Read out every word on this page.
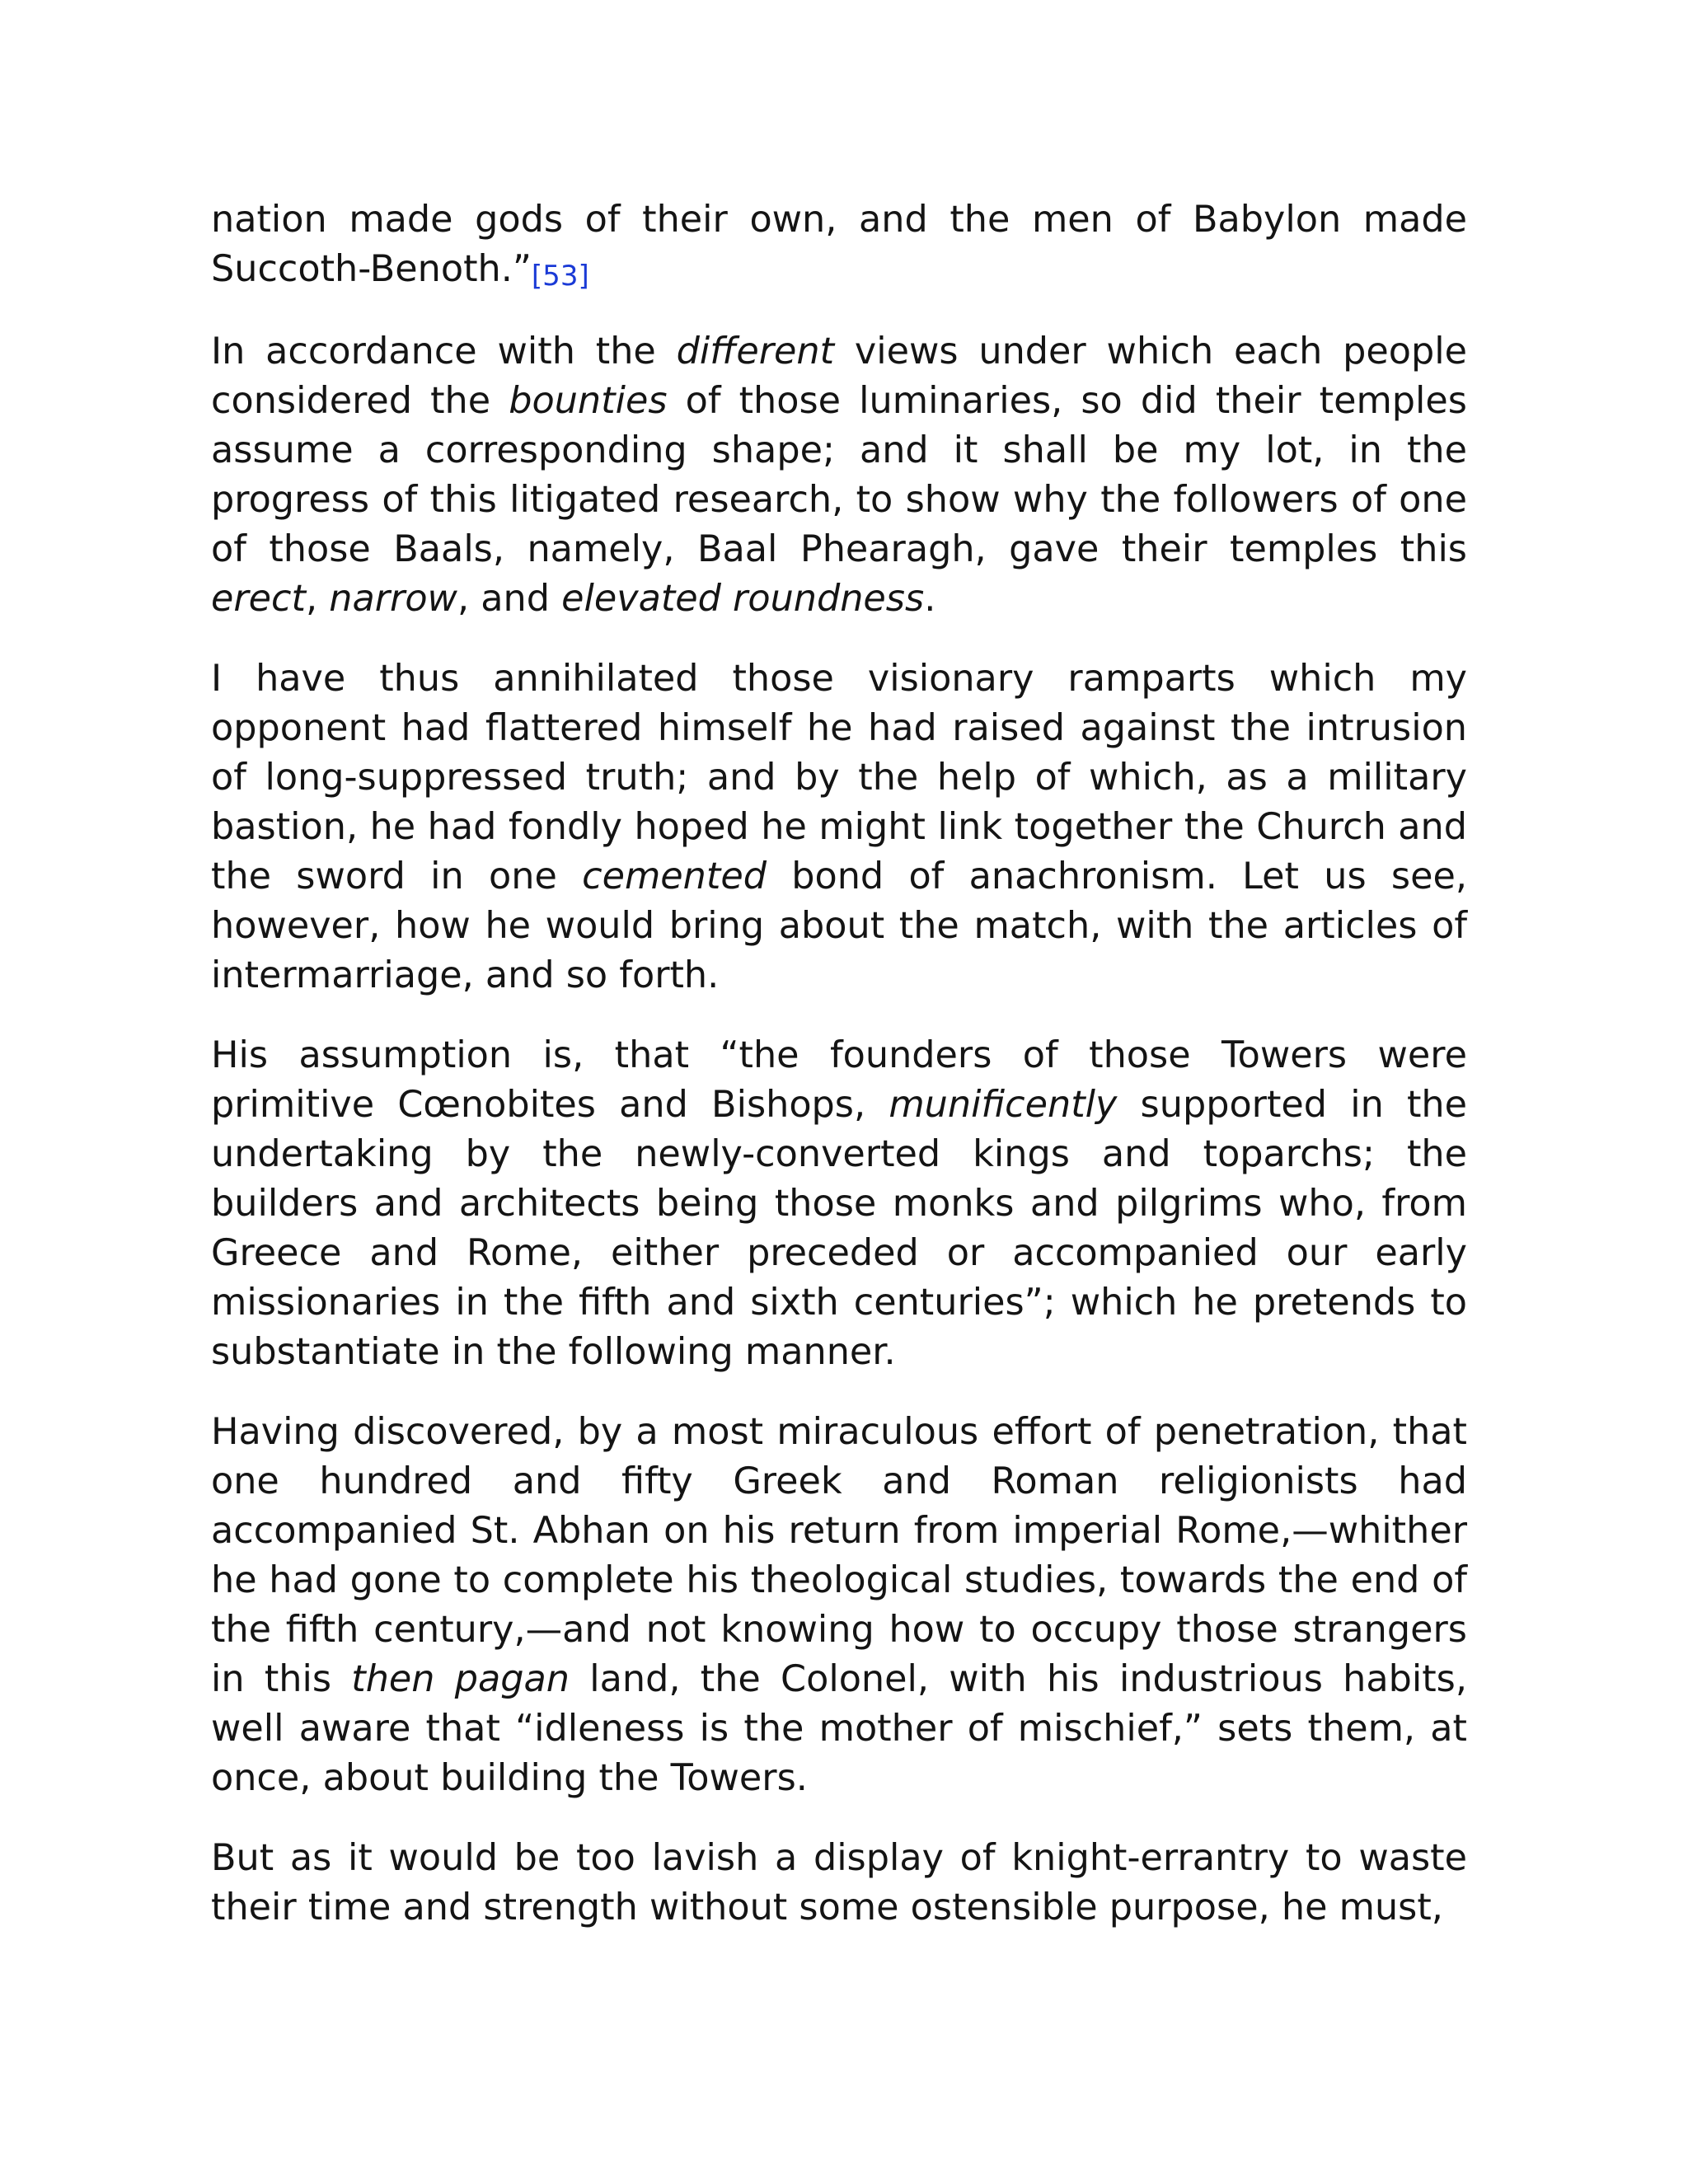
nation made gods of their own, and the men of Babylon made Succoth-Benoth.”[53]

In accordance with the different views under which each people considered the bounties of those luminaries, so did their temples assume a corresponding shape; and it shall be my lot, in the progress of this litigated research, to show why the followers of one of those Baals, namely, Baal Phearagh, gave their temples this erect, narrow, and elevated roundness.

I have thus annihilated those visionary ramparts which my opponent had flattered himself he had raised against the intrusion of long-suppressed truth; and by the help of which, as a military bastion, he had fondly hoped he might link together the Church and the sword in one cemented bond of anachronism. Let us see, however, how he would bring about the match, with the articles of intermarriage, and so forth.

His assumption is, that “the founders of those Towers were primitive Cœnobites and Bishops, munificently supported in the undertaking by the newly-converted kings and toparchs; the builders and architects being those monks and pilgrims who, from Greece and Rome, either preceded or accompanied our early missionaries in the fifth and sixth centuries”; which he pretends to substantiate in the following manner.

Having discovered, by a most miraculous effort of penetration, that one hundred and fifty Greek and Roman religionists had accompanied St. Abhan on his return from imperial Rome,—whither he had gone to complete his theological studies, towards the end of the fifth century,—and not knowing how to occupy those strangers in this then pagan land, the Colonel, with his industrious habits, well aware that “idleness is the mother of mischief,” sets them, at once, about building the Towers.

But as it would be too lavish a display of knight-errantry to waste their time and strength without some ostensible purpose, he must,
